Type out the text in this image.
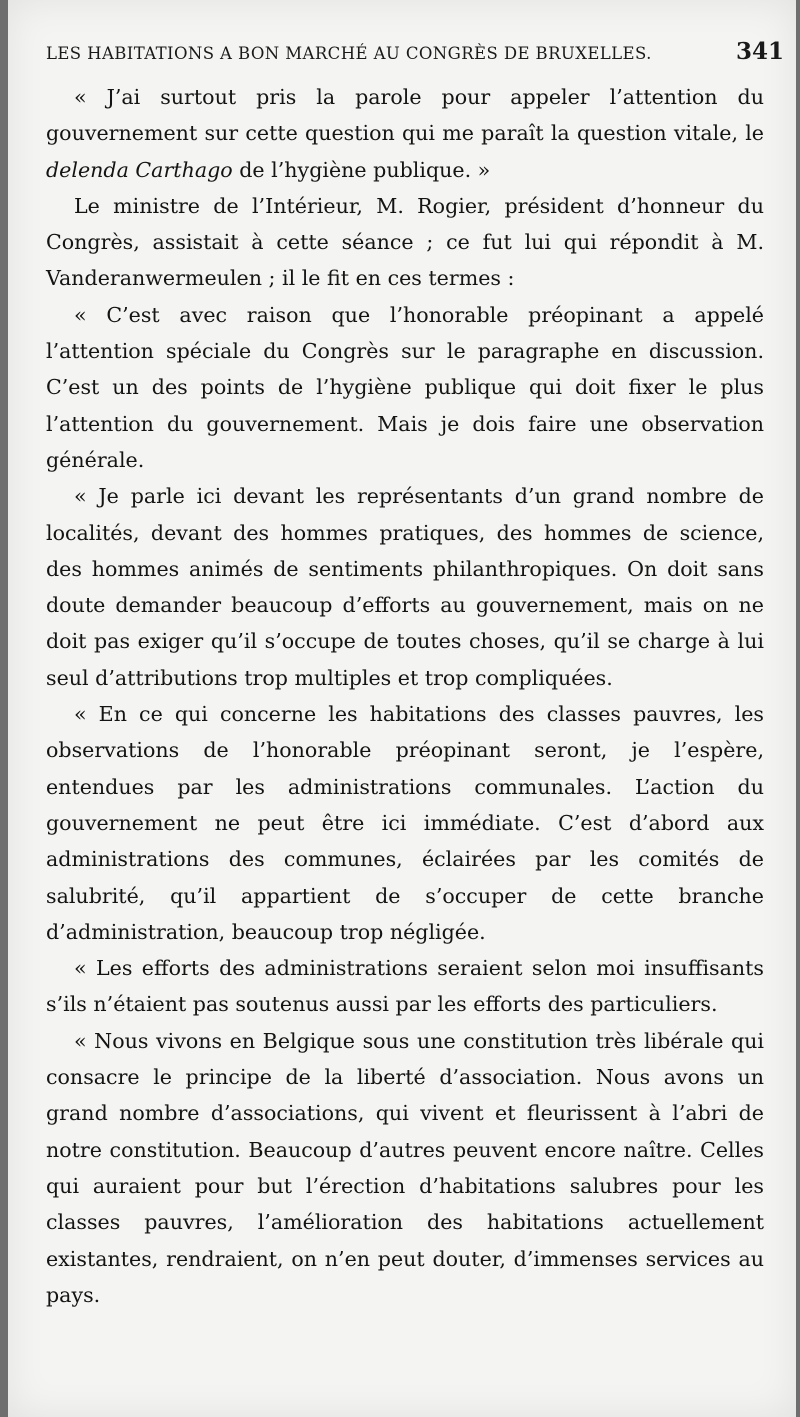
LES HABITATIONS A BON MARCHÉ AU CONGRÈS DE BRUXELLES.	341

« J’ai surtout pris la parole pour appeler l’attention du gouvernement sur cette question qui me paraît la question vitale, le delenda Carthago de l’hygiène publique. »

Le ministre de l’Intérieur, M. Rogier, président d’honneur du Congrès, assistait à cette séance ; ce fut lui qui répondit à M. Vanderanwermeulen ; il le fit en ces termes :

« C’est avec raison que l’honorable préopinant a appelé l’attention spéciale du Congrès sur le paragraphe en discussion. C’est un des points de l’hygiène publique qui doit fixer le plus l’attention du gouvernement. Mais je dois faire une observation générale.

« Je parle ici devant les représentants d’un grand nombre de localités, devant des hommes pratiques, des hommes de science, des hommes animés de sentiments philanthropiques. On doit sans doute demander beaucoup d’efforts au gouvernement, mais on ne doit pas exiger qu’il s’occupe de toutes choses, qu’il se charge à lui seul d’attributions trop multiples et trop compliquées.

« En ce qui concerne les habitations des classes pauvres, les observations de l’honorable préopinant seront, je l’espère, entendues par les administrations communales. L’action du gouvernement ne peut être ici immédiate. C’est d’abord aux administrations des communes, éclairées par les comités de salubrité, qu’il appartient de s’occuper de cette branche d’administration, beaucoup trop négligée.

« Les efforts des administrations seraient selon moi insuffisants s’ils n’étaient pas soutenus aussi par les efforts des particuliers.

« Nous vivons en Belgique sous une constitution très libérale qui consacre le principe de la liberté d’association. Nous avons un grand nombre d’associations, qui vivent et fleurissent à l’abri de notre constitution. Beaucoup d’autres peuvent encore naître. Celles qui auraient pour but l’érection d’habitations salubres pour les classes pauvres, l’amélioration des habitations actuellement existantes, rendraient, on n’en peut douter, d’immenses services au pays.
